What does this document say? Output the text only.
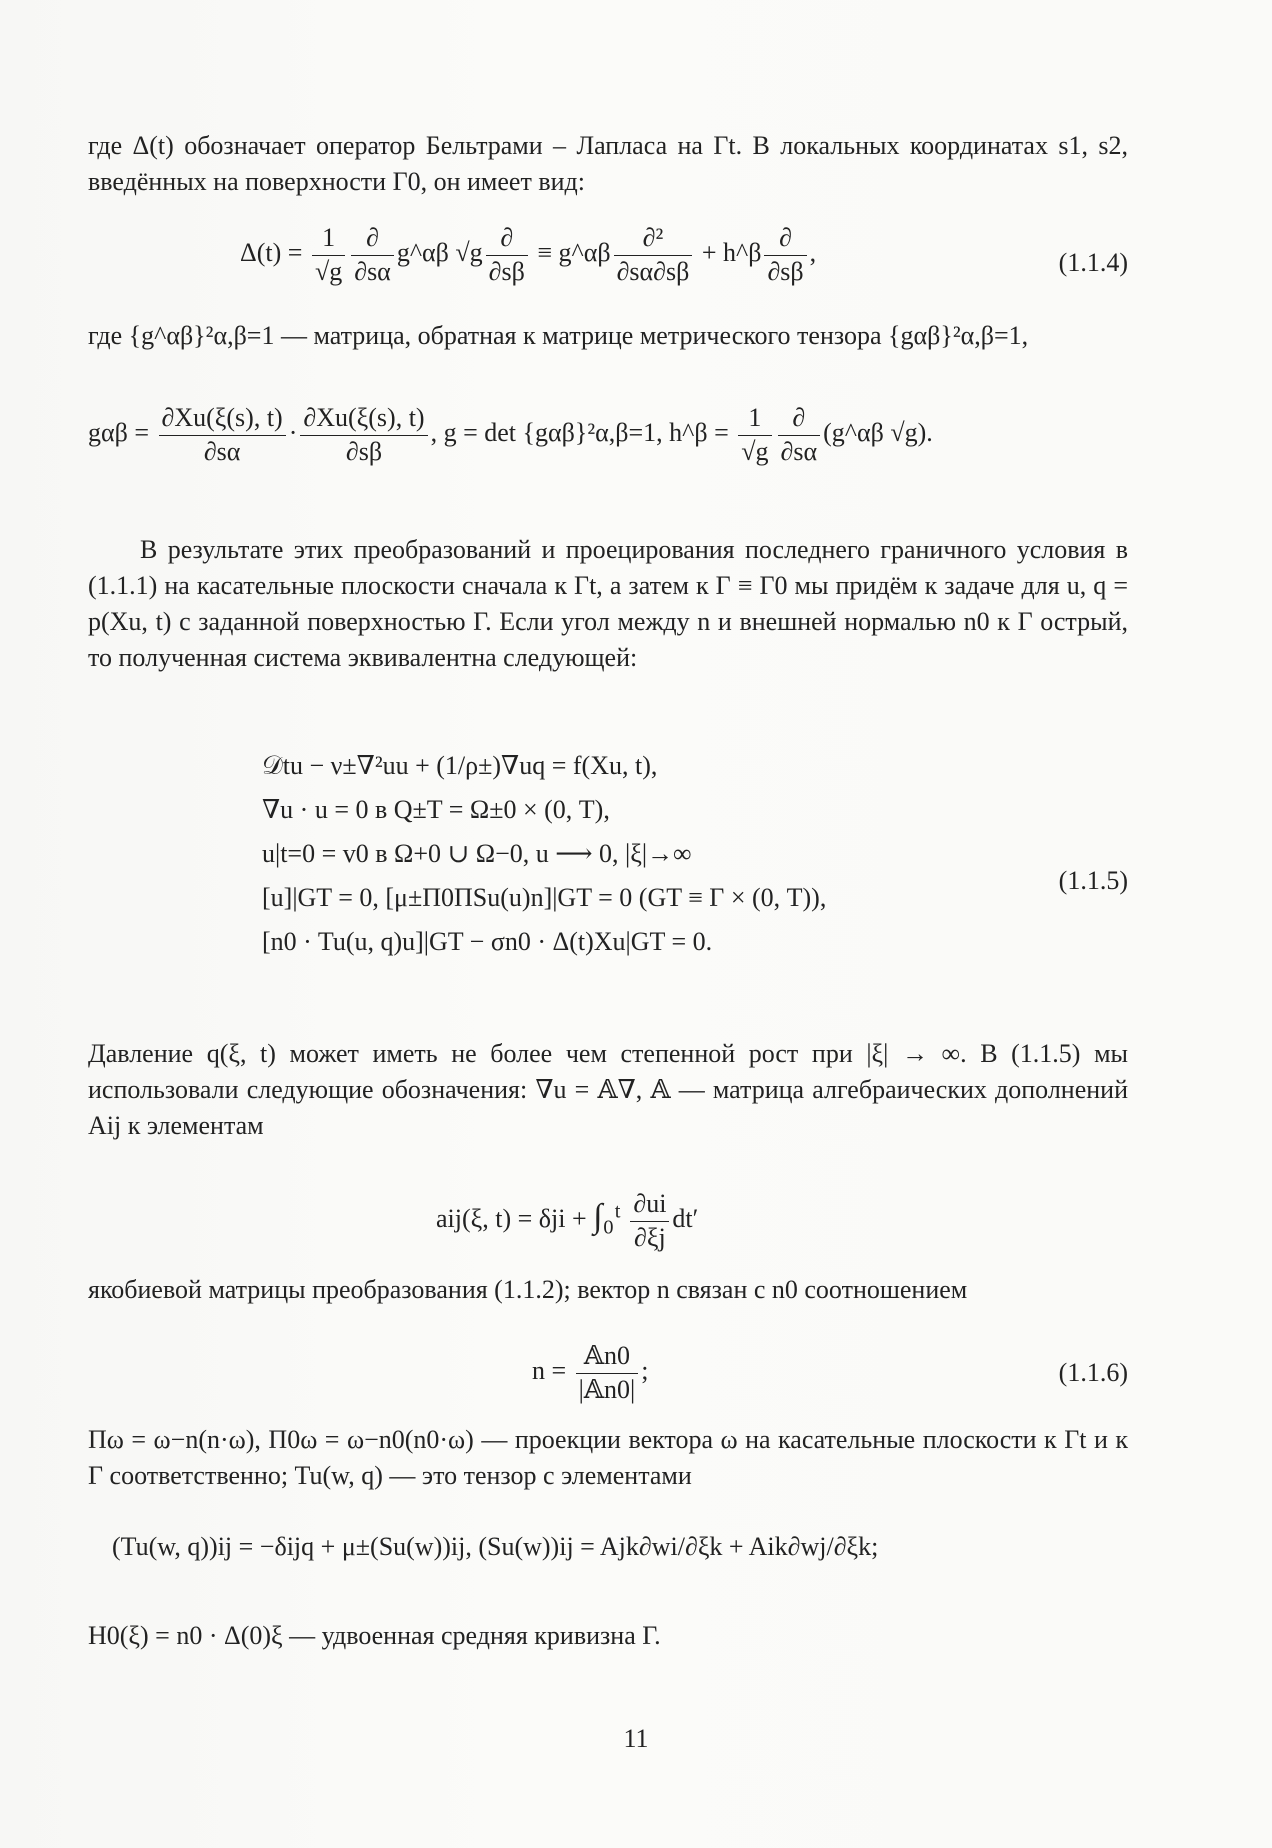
где Δ(t) обозначает оператор Бельтрами – Лапласа на Γt. В локальных координатах s1, s2, введённых на поверхности Γ0, он имеет вид:

$\Delta(t) = \frac{1}{√g} \frac{\partial}{\partial s\alpha}$ g^αβ $√g \frac{\partial}{\partial s\beta}$ ≡ g^αβ $\frac{\text{∂²}}{\partial s\alpha\partial s\beta}$ + h^β $\frac{\partial}{\partial s\beta}$ ,	(1.1.4)

где {g^αβ}²α,β=1 — матрица, обратная к матрице метрического тензора {gαβ}²α,β=1,

$g\alpha\beta = \frac{\partial Xu(\xi(s), t)}{\partial s\alpha} \cdot \frac{\partial Xu(\xi(s), t)}{\partial s\beta}$ , g = det {gαβ}²α,β=1, h^β = $\frac{1}{√g} \frac{\partial}{\partial s\alpha}$ (g^αβ √g).

В результате этих преобразований и проецирования последнего граничного условия в (1.1.1) на касательные плоскости сначала к Γt, а затем к Γ ≡ Γ0 мы придём к задаче для u, q = p(Xu, t) с заданной поверхностью Γ. Если угол между n и внешней нормалью n0 к Γ острый, то полученная система эквивалентна следующей:

𝒟tu − ν±∇²uu + (1/ρ±)∇uq = f(Xu, t),
∇u · u = 0 в Q±T = Ω±0 × (0, T),
u|t=0 = v0 в Ω+0 ∪ Ω−0, u ⟶ 0, |ξ|→∞
[u]|GT = 0, [μ±Π0ΠSu(u)n]|GT = 0 (GT ≡ Γ × (0, T)),
[n0 · Tu(u, q)u]|GT − σn0 · Δ(t)Xu|GT = 0.
(1.1.5)

Давление q(ξ, t) может иметь не более чем степенной рост при |ξ| → ∞. В (1.1.5) мы использовали следующие обозначения: ∇u = 𝔸∇, 𝔸 — матрица алгебраических дополнений Aij к элементам

aij(ξ, t) = δji + ∫₀ᵗ $\frac{\partial ui}{\partial\xi j} dt'$

якобиевой матрицы преобразования (1.1.2); вектор n связан с n0 соотношением

$n = \frac{\text{𝔸n0}}{\text{|𝔸n0|}}$ ;	(1.1.6)

Πω = ω−n(n·ω), Π0ω = ω−n0(n0·ω) — проекции вектора ω на касательные плоскости к Γt и к Γ соответственно; Tu(w, q) — это тензор с элементами

(Tu(w, q))ij = −δijq + μ±(Su(w))ij, (Su(w))ij = Ajk∂wi/∂ξk + Aik∂wj/∂ξk;

H0(ξ) = n0 · Δ(0)ξ — удвоенная средняя кривизна Γ.

11
